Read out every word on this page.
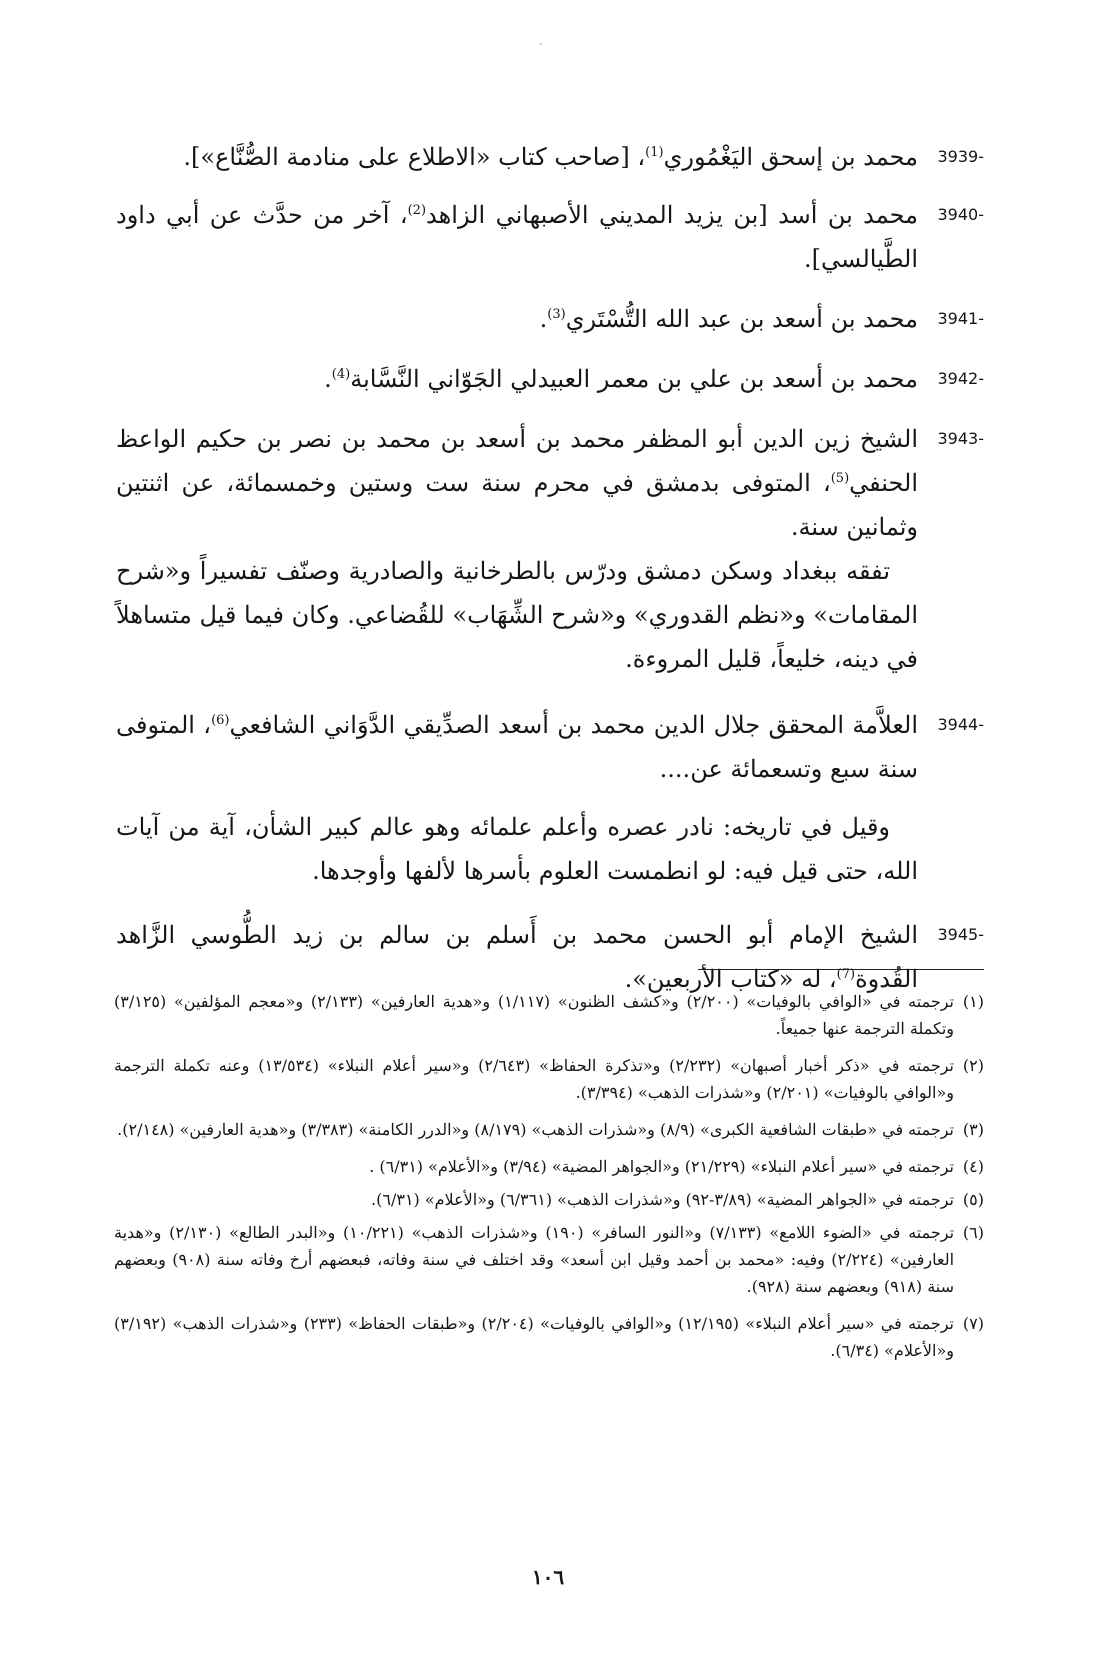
ˇ
3939-

محمد بن إسحق اليَغْمُوري$^{(1)}$، [صاحب كتاب «الاطلاع على منادمة الصُّنَّاع»].

3940-

محمد بن أسد [بن يزيد المديني الأصبهاني الزاهد$^{(2)}$، آخر من حدَّث عن أبي داود الطَّيالسي].

3941-

محمد بن أسعد بن عبد الله التُّسْتَري$^{(3)}$.

3942-

محمد بن أسعد بن علي بن معمر العبيدلي الجَوّاني النَّسَّابة$^{(4)}$.

3943-

الشيخ زين الدين أبو المظفر محمد بن أسعد بن محمد بن نصر بن حكيم الواعظ الحنفي$^{(5)}$، المتوفى بدمشق في محرم سنة ست وستين وخمسمائة، عن اثنتين وثمانين سنة.

تفقه ببغداد وسكن دمشق ودرّس بالطرخانية والصادرية وصنّف تفسيراً و«شرح المقامات» و«نظم القدوري» و«شرح الشِّهَاب» للقُضاعي. وكان فيما قيل متساهلاً في دينه، خليعاً، قليل المروءة.

3944-

العلاَّمة المحقق جلال الدين محمد بن أسعد الصدِّيقي الدَّوَاني الشافعي$^{(6)}$، المتوفى سنة سبع وتسعمائة عن....

وقيل في تاريخه: نادر عصره وأعلم علمائه وهو عالم كبير الشأن، آية من آيات الله، حتى قيل فيه: لو انطمست العلوم بأسرها لألفها وأوجدها.

3945-

الشيخ الإمام أبو الحسن محمد بن أَسلم بن سالم بن زيد الطُّوسي الزَّاهد القُدوة$^{(7)}$، له «كتاب الأربعين».

(١)
ترجمته في «الوافي بالوفيات» (٢/٢٠٠) و«كشف الظنون» (١/١١٧) و«هدية العارفين» (٢/١٣٣) و«معجم المؤلفين» (٣/١٢٥) وتكملة الترجمة عنها جميعاً.
(٢)
ترجمته في «ذكر أخبار أصبهان» (٢/٢٣٢) و«تذكرة الحفاظ» (٢/٦٤٣) و«سير أعلام النبلاء» (١٣/٥٣٤) وعنه تكملة الترجمة و«الوافي بالوفيات» (٢/٢٠١) و«شذرات الذهب» (٣/٣٩٤).
(٣)
ترجمته في «طبقات الشافعية الكبرى» (٨/٩) و«شذرات الذهب» (٨/١٧٩) و«الدرر الكامنة» (٣/٣٨٣) و«هدية العارفين» (٢/١٤٨).
(٤)
ترجمته في «سير أعلام النبلاء» (٢١/٢٢٩) و«الجواهر المضية» (٣/٩٤) و«الأعلام» (٦/٣١) .
(٥)
ترجمته في «الجواهر المضية» (٣/٨٩-٩٢) و«شذرات الذهب» (٦/٣٦١) و«الأعلام» (٦/٣١).
(٦)
ترجمته في «الضوء اللامع» (٧/١٣٣) و«النور السافر» (١٩٠) و«شذرات الذهب» (١٠/٢٢١) و«البدر الطالع» (٢/١٣٠) و«هدية العارفين» (٢/٢٢٤) وفيه: «محمد بن أحمد وقيل ابن أسعد» وقد اختلف في سنة وفاته، فبعضهم أرخ وفاته سنة (٩٠٨) وبعضهم سنة (٩١٨) وبعضهم سنة (٩٢٨).
(٧)
ترجمته في «سير أعلام النبلاء» (١٢/١٩٥) و«الوافي بالوفيات» (٢/٢٠٤) و«طبقات الحفاظ» (٢٣٣) و«شذرات الذهب» (٣/١٩٢) و«الأعلام» (٦/٣٤).
١٠٦
